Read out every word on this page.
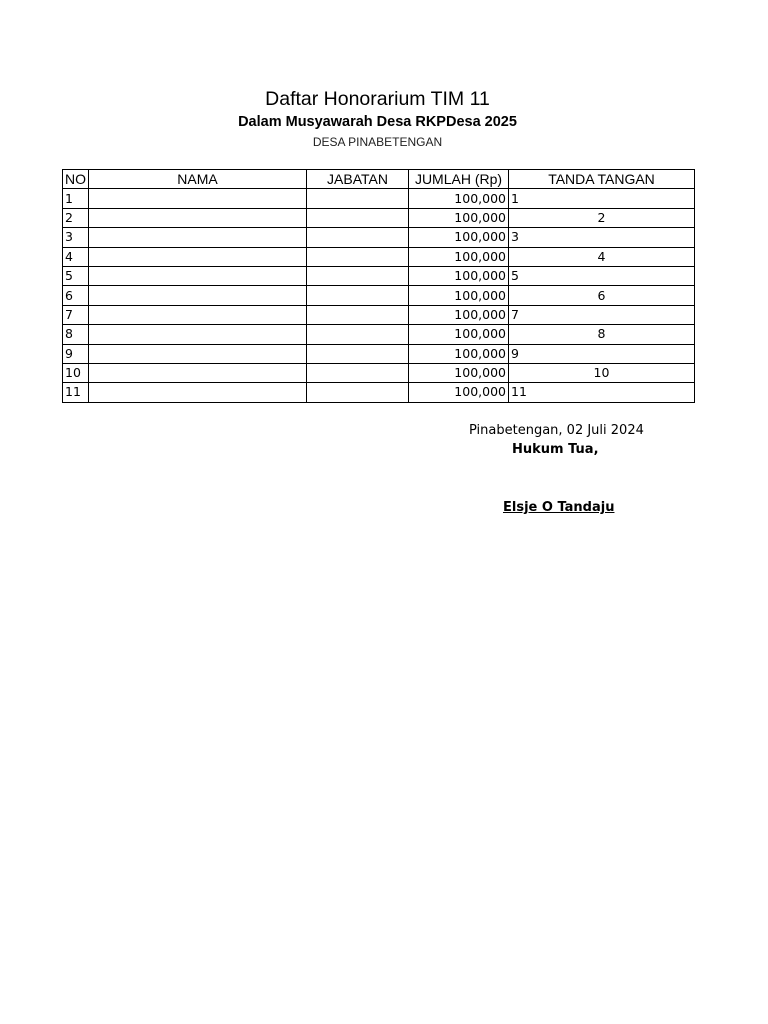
Daftar Honorarium TIM 11
Dalam Musyawarah Desa RKPDesa 2025
DESA PINABETENGAN
NO	NAMA	JABATAN	JUMLAH (Rp)	TANDA TANGAN
1			100,000	1
2			100,000	2
3			100,000	3
4			100,000	4
5			100,000	5
6			100,000	6
7			100,000	7
8			100,000	8
9			100,000	9
10			100,000	10
11			100,000	11
Pinabetengan, 02 Juli 2024
Hukum Tua,
Elsje O Tandaju
